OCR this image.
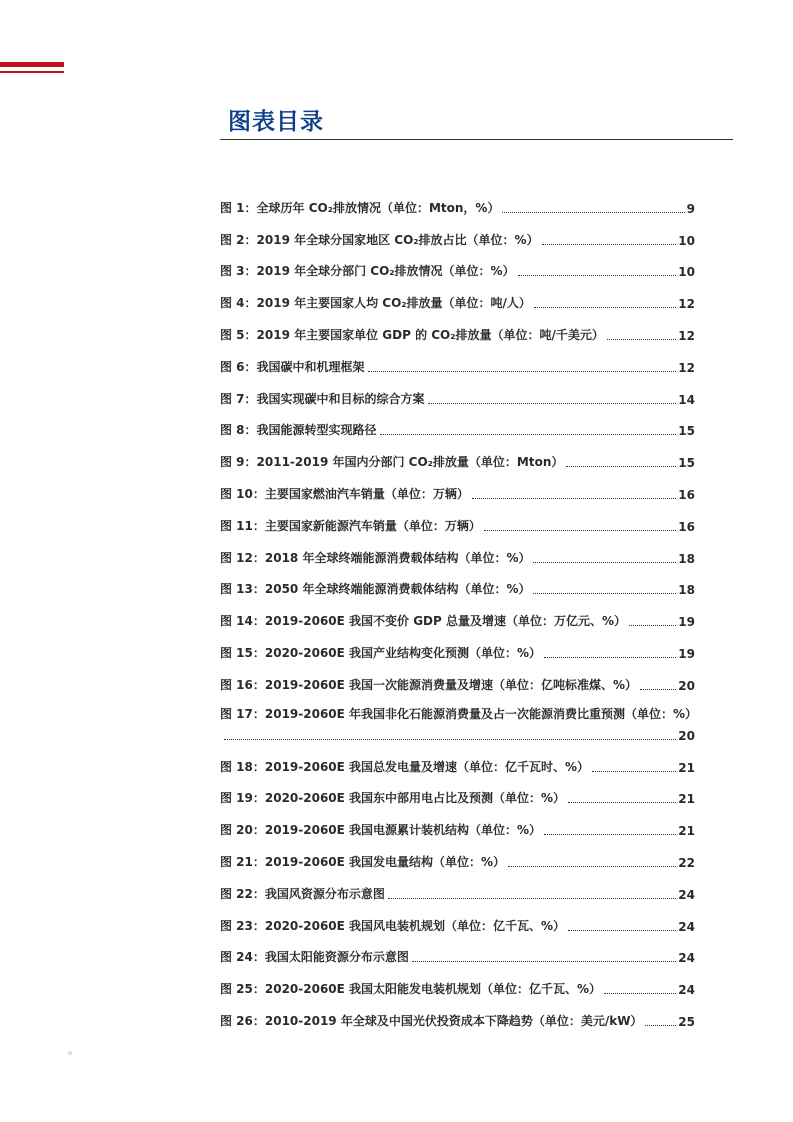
图表目录
图 1：全球历年 CO₂排放情况（单位：Mton，%）	9
图 2：2019 年全球分国家地区 CO₂排放占比（单位：%）	10
图 3：2019 年全球分部门 CO₂排放情况（单位：%）	10
图 4：2019 年主要国家人均 CO₂排放量（单位：吨/人）	12
图 5：2019 年主要国家单位 GDP 的 CO₂排放量（单位：吨/千美元）	12
图 6：我国碳中和机理框架	12
图 7：我国实现碳中和目标的综合方案	14
图 8：我国能源转型实现路径	15
图 9：2011-2019 年国内分部门 CO₂排放量（单位：Mton）	15
图 10：主要国家燃油汽车销量（单位：万辆）	16
图 11：主要国家新能源汽车销量（单位：万辆）	16
图 12：2018 年全球终端能源消费载体结构（单位：%）	18
图 13：2050 年全球终端能源消费载体结构（单位：%）	18
图 14：2019-2060E 我国不变价 GDP 总量及增速（单位：万亿元、%）	19
图 15：2020-2060E 我国产业结构变化预测（单位：%）	19
图 16：2019-2060E 我国一次能源消费量及增速（单位：亿吨标准煤、%）	20
图 17：2019-2060E 年我国非化石能源消费量及占一次能源消费比重预测（单位：%）
20
图 18：2019-2060E 我国总发电量及增速（单位：亿千瓦时、%）	21
图 19：2020-2060E 我国东中部用电占比及预测（单位：%）	21
图 20：2019-2060E 我国电源累计装机结构（单位：%）	21
图 21：2019-2060E 我国发电量结构（单位：%）	22
图 22：我国风资源分布示意图	24
图 23：2020-2060E 我国风电装机规划（单位：亿千瓦、%）	24
图 24：我国太阳能资源分布示意图	24
图 25：2020-2060E 我国太阳能发电装机规划（单位：亿千瓦、%）	24
图 26：2010-2019 年全球及中国光伏投资成本下降趋势（单位：美元/kW）	25
